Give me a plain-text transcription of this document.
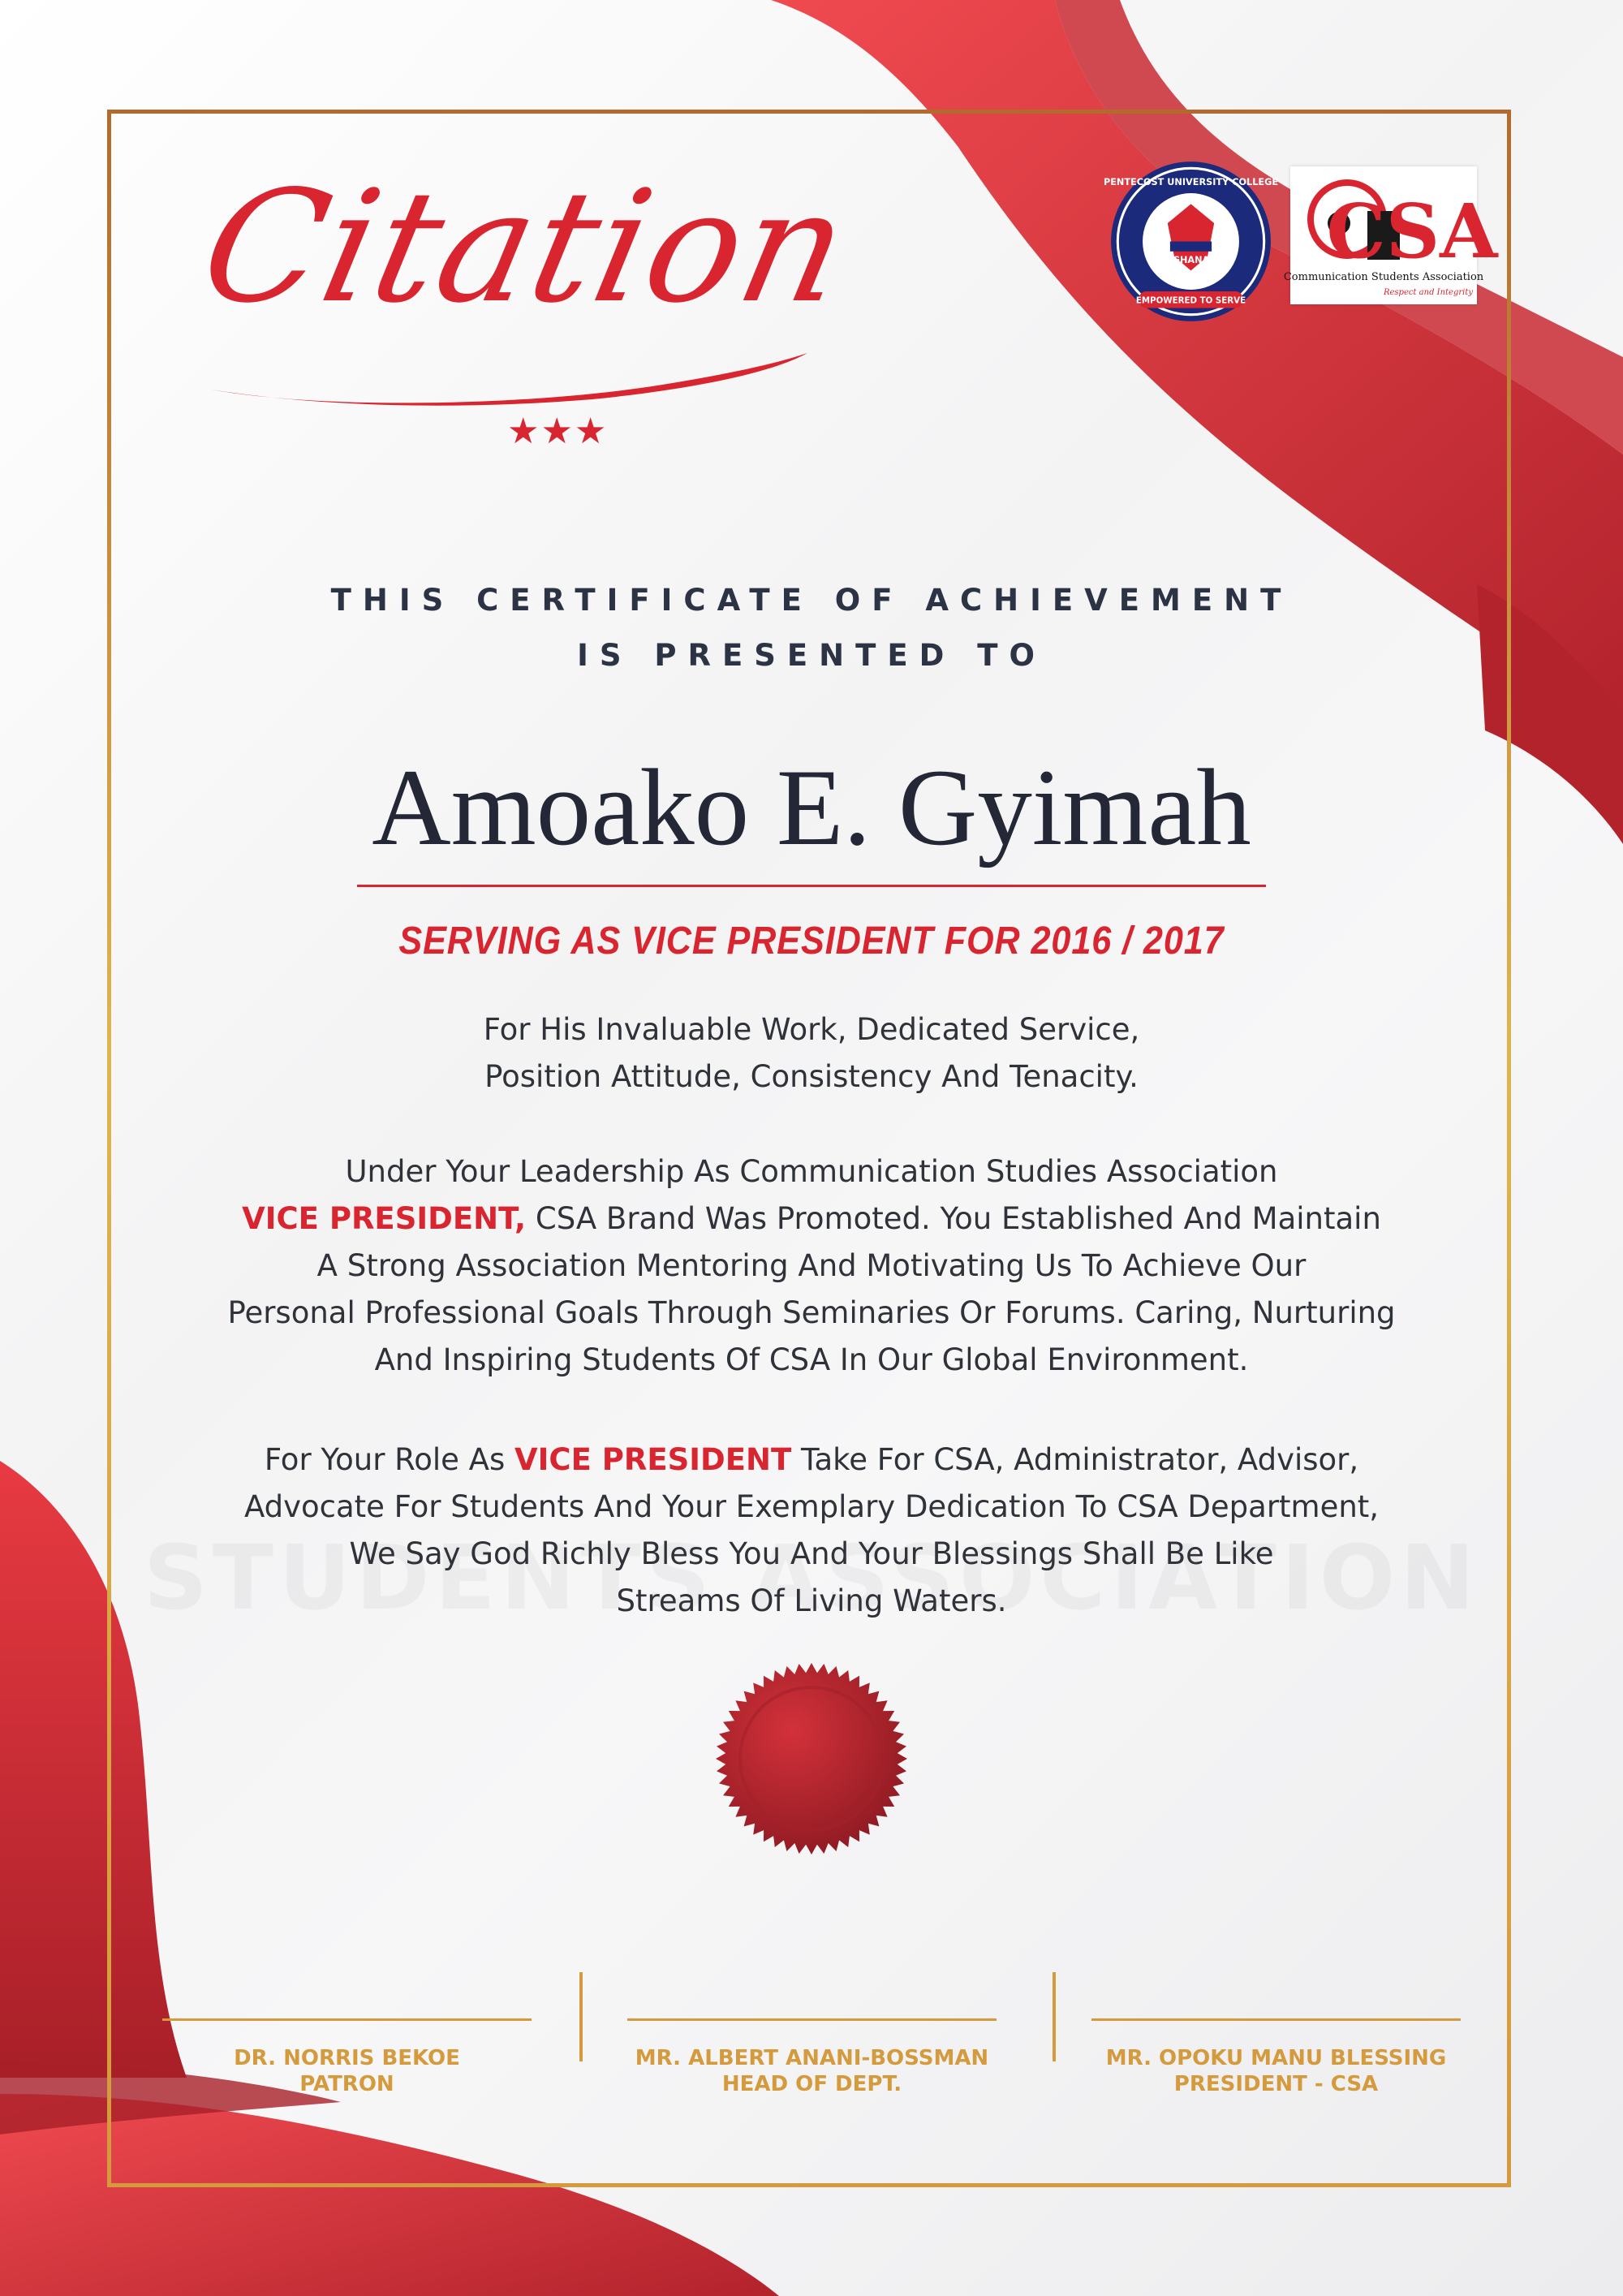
Citation
★★★
GHANA
PENTECOST UNIVERSITY COLLEGE
EMPOWERED TO SERVE
CSA
Communication Students Association
Respect and Integrity
THIS CERTIFICATE OF ACHIEVEMENT
IS PRESENTED TO
Amoako E. Gyimah
SERVING AS VICE PRESIDENT FOR 2016 / 2017
For His Invaluable Work, Dedicated Service,
Position Attitude, Consistency And Tenacity.
Under Your Leadership As Communication Studies Association
VICE PRESIDENT, CSA Brand Was Promoted. You Established And Maintain
A Strong Association Mentoring And Motivating Us To Achieve Our
Personal Professional Goals Through Seminaries Or Forums. Caring, Nurturing
And Inspiring Students Of CSA In Our Global Environment.
For Your Role As VICE PRESIDENT Take For CSA, Administrator, Advisor,
Advocate For Students And Your Exemplary Dedication To CSA Department,
We Say God Richly Bless You And Your Blessings Shall Be Like
Streams Of Living Waters.
DR. NORRIS BEKOE
PATRON
MR. ALBERT ANANI-BOSSMAN
HEAD OF DEPT.
MR. OPOKU MANU BLESSING
PRESIDENT - CSA
